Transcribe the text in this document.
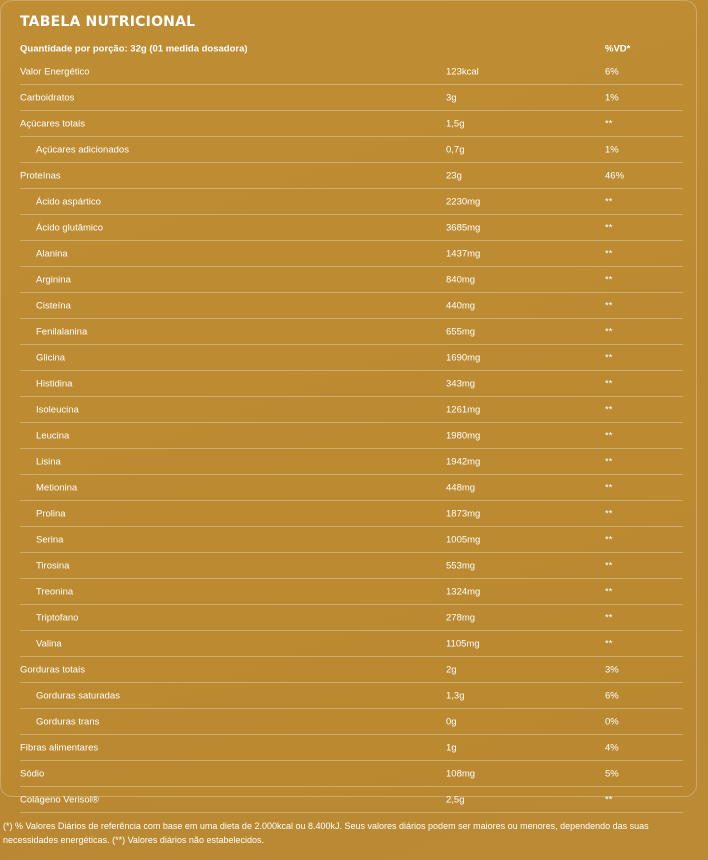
TABELA NUTRICIONAL
Quantidade por porção: 32g (01 medida dosadora)	%VD*
Valor Energético	123kcal	6%
Carboidratos	3g	1%
Açúcares totais	1,5g	**
Açúcares adicionados	0,7g	1%
Proteínas	23g	46%
Ácido aspártico	2230mg	**
Ácido glutâmico	3685mg	**
Alanina	1437mg	**
Arginina	840mg	**
Cisteína	440mg	**
Fenilalanina	655mg	**
Glicina	1690mg	**
Histidina	343mg	**
Isoleucina	1261mg	**
Leucina	1980mg	**
Lisina	1942mg	**
Metionina	448mg	**
Prolina	1873mg	**
Serina	1005mg	**
Tirosina	553mg	**
Treonina	1324mg	**
Triptofano	278mg	**
Valina	1105mg	**
Gorduras totais	2g	3%
Gorduras saturadas	1,3g	6%
Gorduras trans	0g	0%
Fibras alimentares	1g	4%
Sódio	108mg	5%
Colágeno Verisol®	2,5g	**
(*) % Valores Diários de referência com base em uma dieta de 2.000kcal ou 8.400kJ. Seus valores diários podem ser maiores ou menores, dependendo das suas necessidades energéticas. (**) Valores diários não estabelecidos.
